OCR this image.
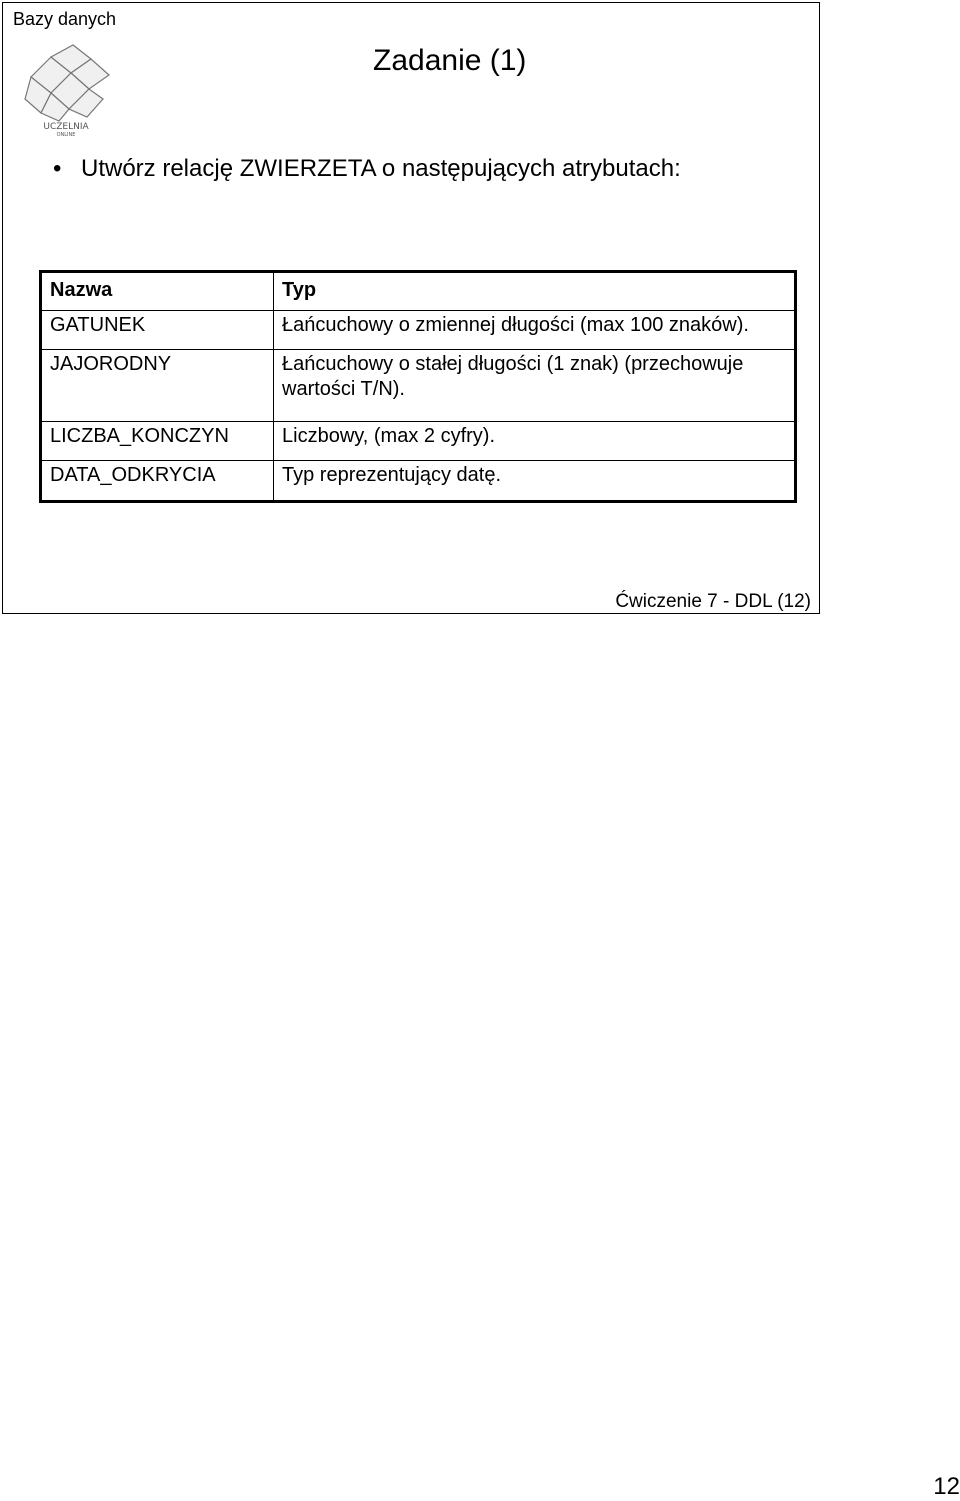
Bazy danych
UCZELNIA
ONLINE
Zadanie (1)
• Utwórz relację ZWIERZETA o następujących atrybutach:
Nazwa	Typ
GATUNEK	Łańcuchowy o zmiennej długości (max 100 znaków).
JAJORODNY	Łańcuchowy o stałej długości (1 znak) (przechowuje wartości T/N).
LICZBA_KONCZYN	Liczbowy, (max 2 cyfry).
DATA_ODKRYCIA	Typ reprezentujący datę.
Ćwiczenie 7 - DDL (12)
12
